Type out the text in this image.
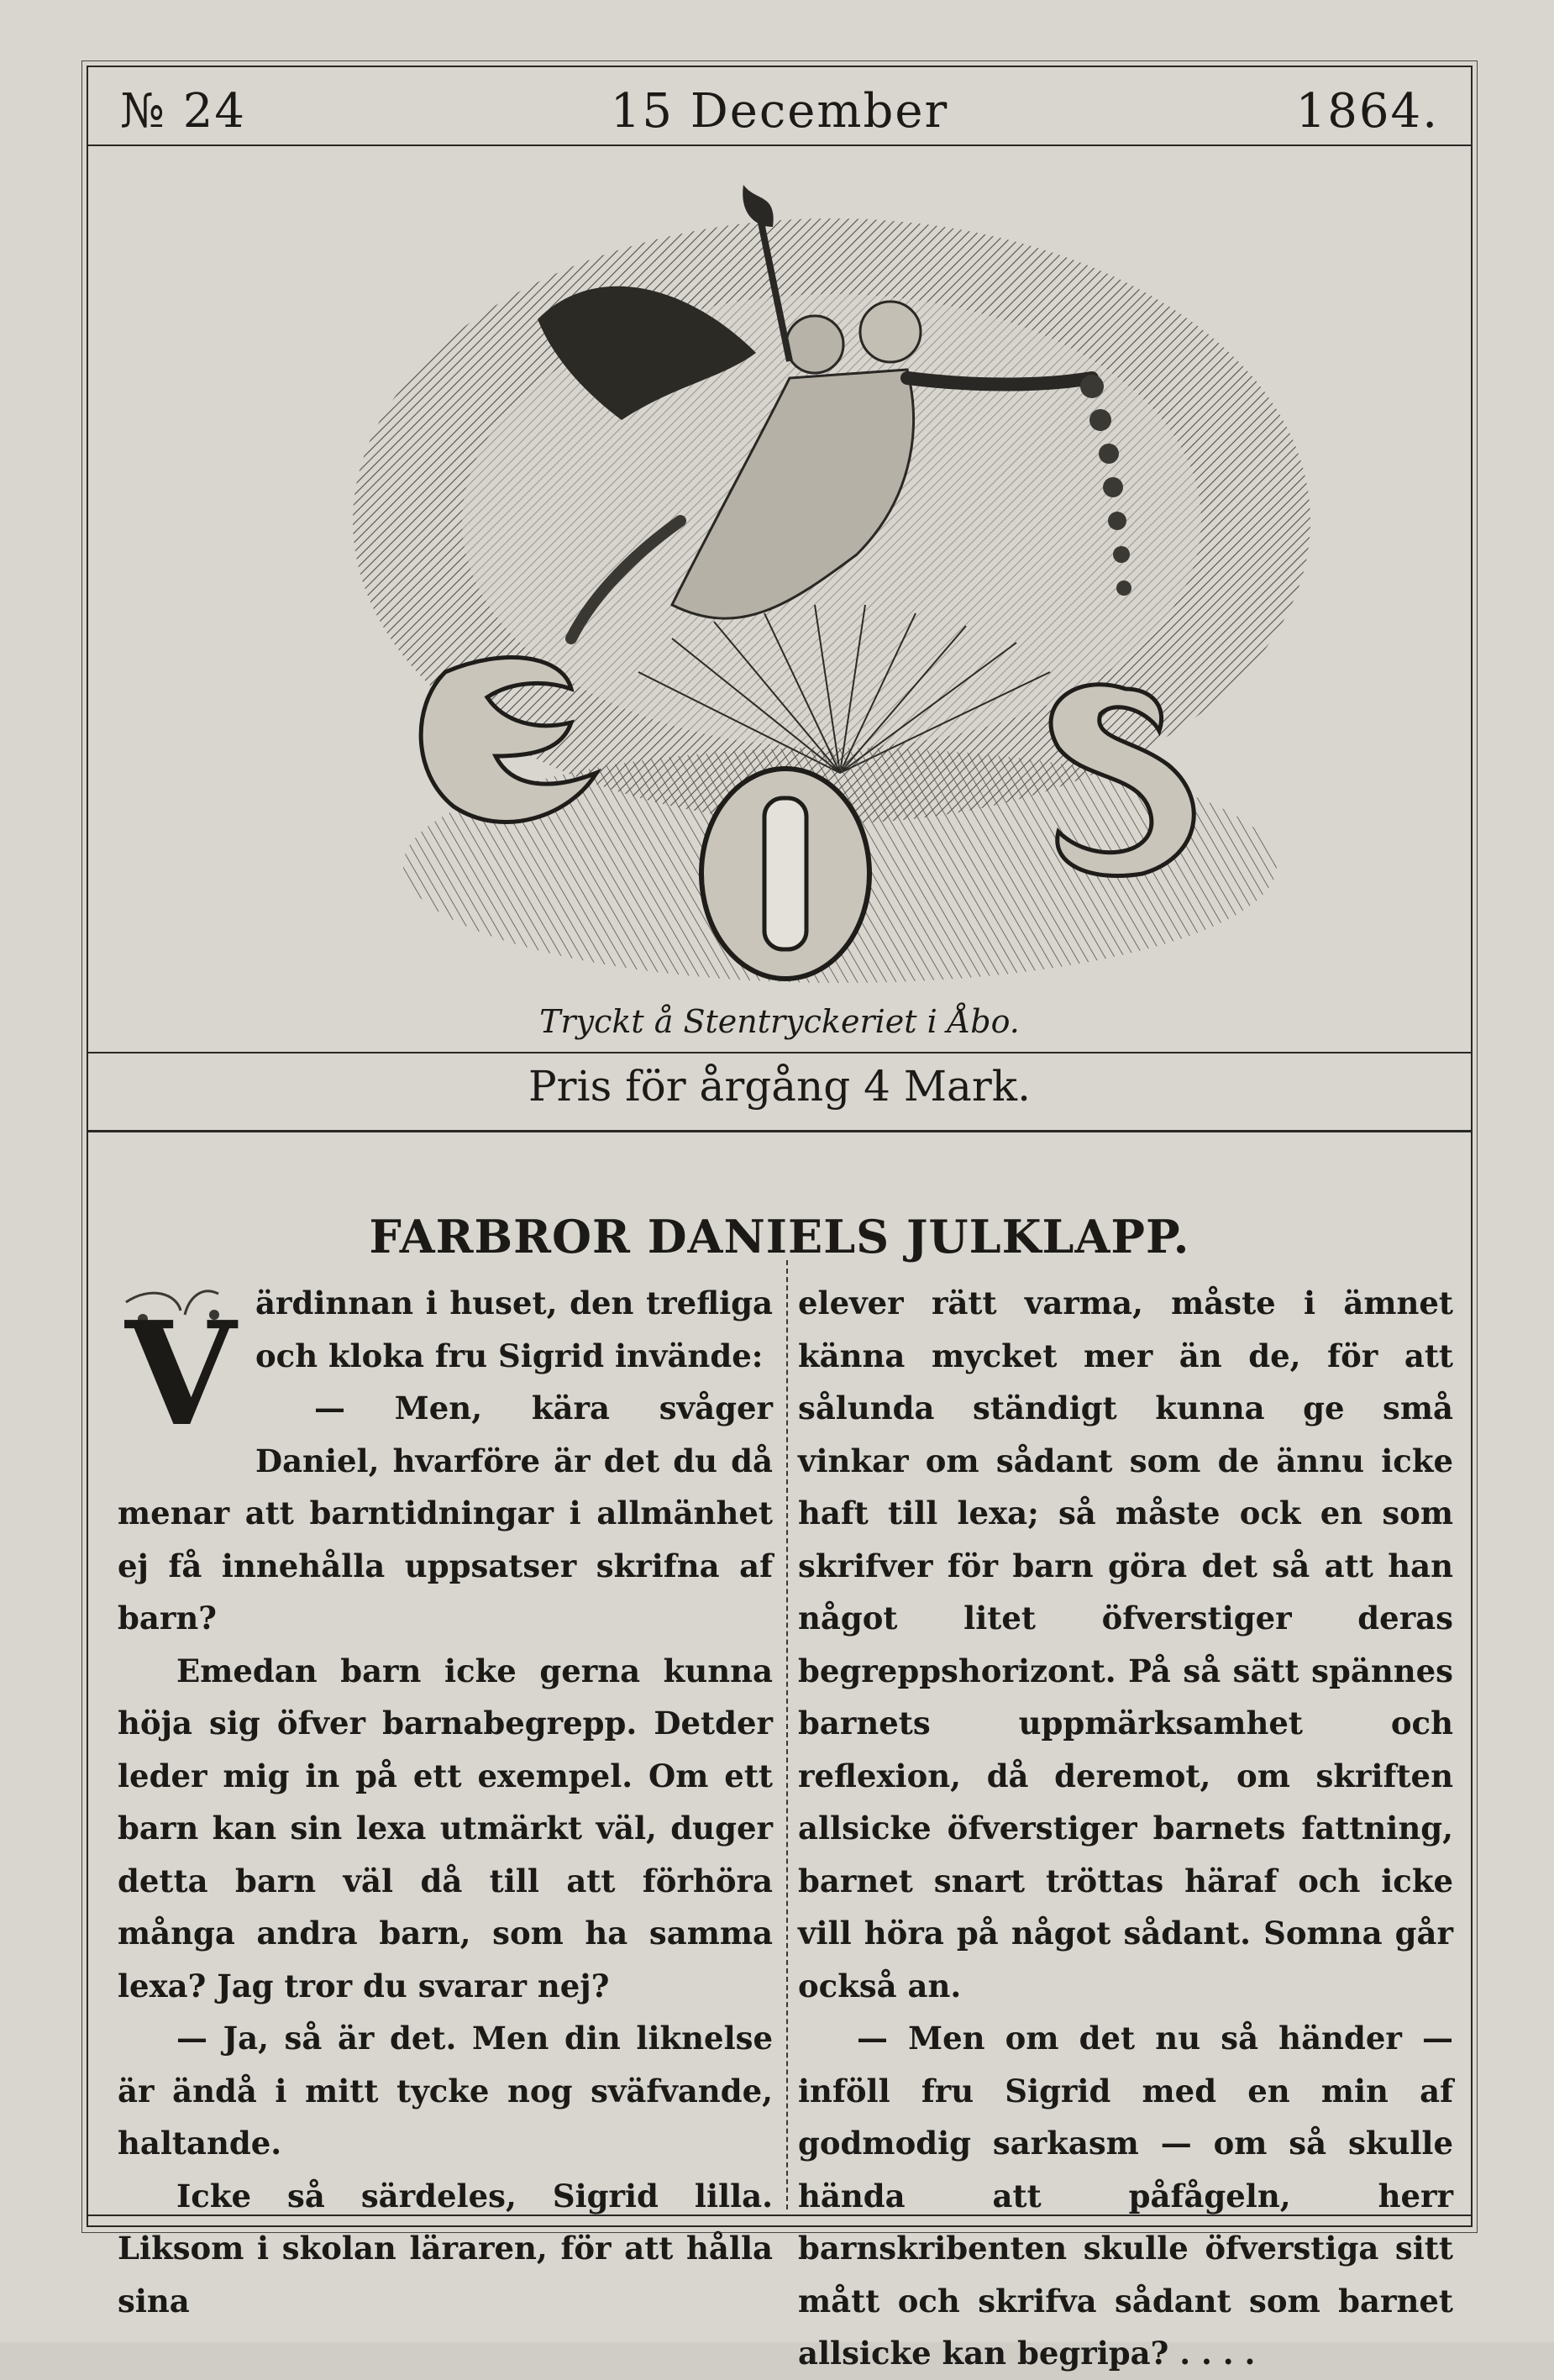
№ 24	15 December	1864.
Tryckt å Stentryckeriet i Åbo.
Pris för årgång 4 Mark.
FARBROR DANIELS JULKLAPP.

V ärdinnan i huset, den trefliga och kloka fru Sigrid invände:

— Men, kära svåger Daniel, hvarföre är det du då menar att barntidningar i allmänhet ej få innehålla uppsatser skrifna af barn?

Emedan barn icke gerna kunna höja sig öfver barnabegrepp. Detder leder mig in på ett exempel. Om ett barn kan sin lexa utmärkt väl, duger detta barn väl då till att förhöra många andra barn, som ha samma lexa? Jag tror du svarar nej?

— Ja, så är det. Men din liknelse är ändå i mitt tycke nog sväfvande, haltande.

Icke så särdeles, Sigrid lilla. Liksom i skolan läraren, för att hålla sina

elever rätt varma, måste i ämnet känna mycket mer än de, för att sålunda ständigt kunna ge små vinkar om sådant som de ännu icke haft till lexa; så måste ock en som skrifver för barn göra det så att han något litet öfverstiger deras begreppshorizont. På så sätt spännes barnets uppmärksamhet och reflexion, då deremot, om skriften allsicke öfverstiger barnets fattning, barnet snart tröttas häraf och icke vill höra på något sådant. Somna går också an.

— Men om det nu så händer — inföll fru Sigrid med en min af godmodig sarkasm — om så skulle hända att påfågeln, herr barnskribenten skulle öfverstiga sitt mått och skrifva sådant som barnet allsicke kan begripa? . . . .
